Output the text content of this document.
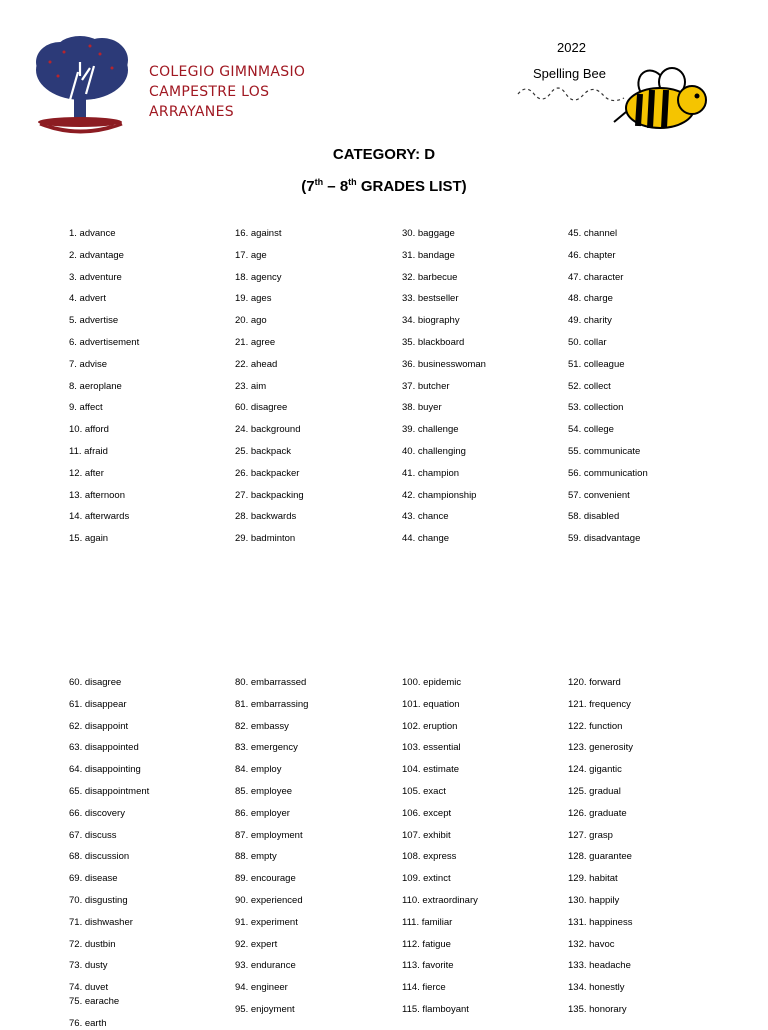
COLEGIO GIMNMASIO
CAMPESTRE LOS
ARRAYANES
2022
Spelling Bee
CATEGORY: D
(7th – 8th GRADES LIST)
1. advance
2. advantage
3. adventure
4. advert
5. advertise
6. advertisement
7. advise
8. aeroplane
9. affect
10. afford
11. afraid
12. after
13. afternoon
14. afterwards
15. again
16. against
17. age
18. agency
19. ages
20. ago
21. agree
22. ahead
23. aim
60. disagree
24. background
25. backpack
26. backpacker
27. backpacking
28. backwards
29. badminton
30. baggage
31. bandage
32. barbecue
33. bestseller
34. biography
35. blackboard
36. businesswoman
37. butcher
38. buyer
39. challenge
40. challenging
41. champion
42. championship
43. chance
44. change
45. channel
46. chapter
47. character
48. charge
49. charity
50. collar
51. colleague
52. collect
53. collection
54. college
55. communicate
56. communication
57. convenient
58. disabled
59. disadvantage
60. disagree
61. disappear
62. disappoint
63. disappointed
64. disappointing
65. disappointment
66. discovery
67. discuss
68. discussion
69. disease
70. disgusting
71. dishwasher
72. dustbin
73. dusty
74. duvet
75. earache
76. earth
80. embarrassed
81. embarrassing
82. embassy
83. emergency
84. employ
85. employee
86. employer
87. employment
88. empty
89. encourage
90. experienced
91. experiment
92. expert
93. endurance
94. engineer
95. enjoyment
100. epidemic
101. equation
102. eruption
103. essential
104. estimate
105. exact
106. except
107. exhibit
108. express
109. extinct
110. extraordinary
111. familiar
112. fatigue
113. favorite
114. fierce
115. flamboyant
120. forward
121. frequency
122. function
123. generosity
124. gigantic
125. gradual
126. graduate
127. grasp
128. guarantee
129. habitat
130. happily
131. happiness
132. havoc
133. headache
134. honestly
135. honorary
